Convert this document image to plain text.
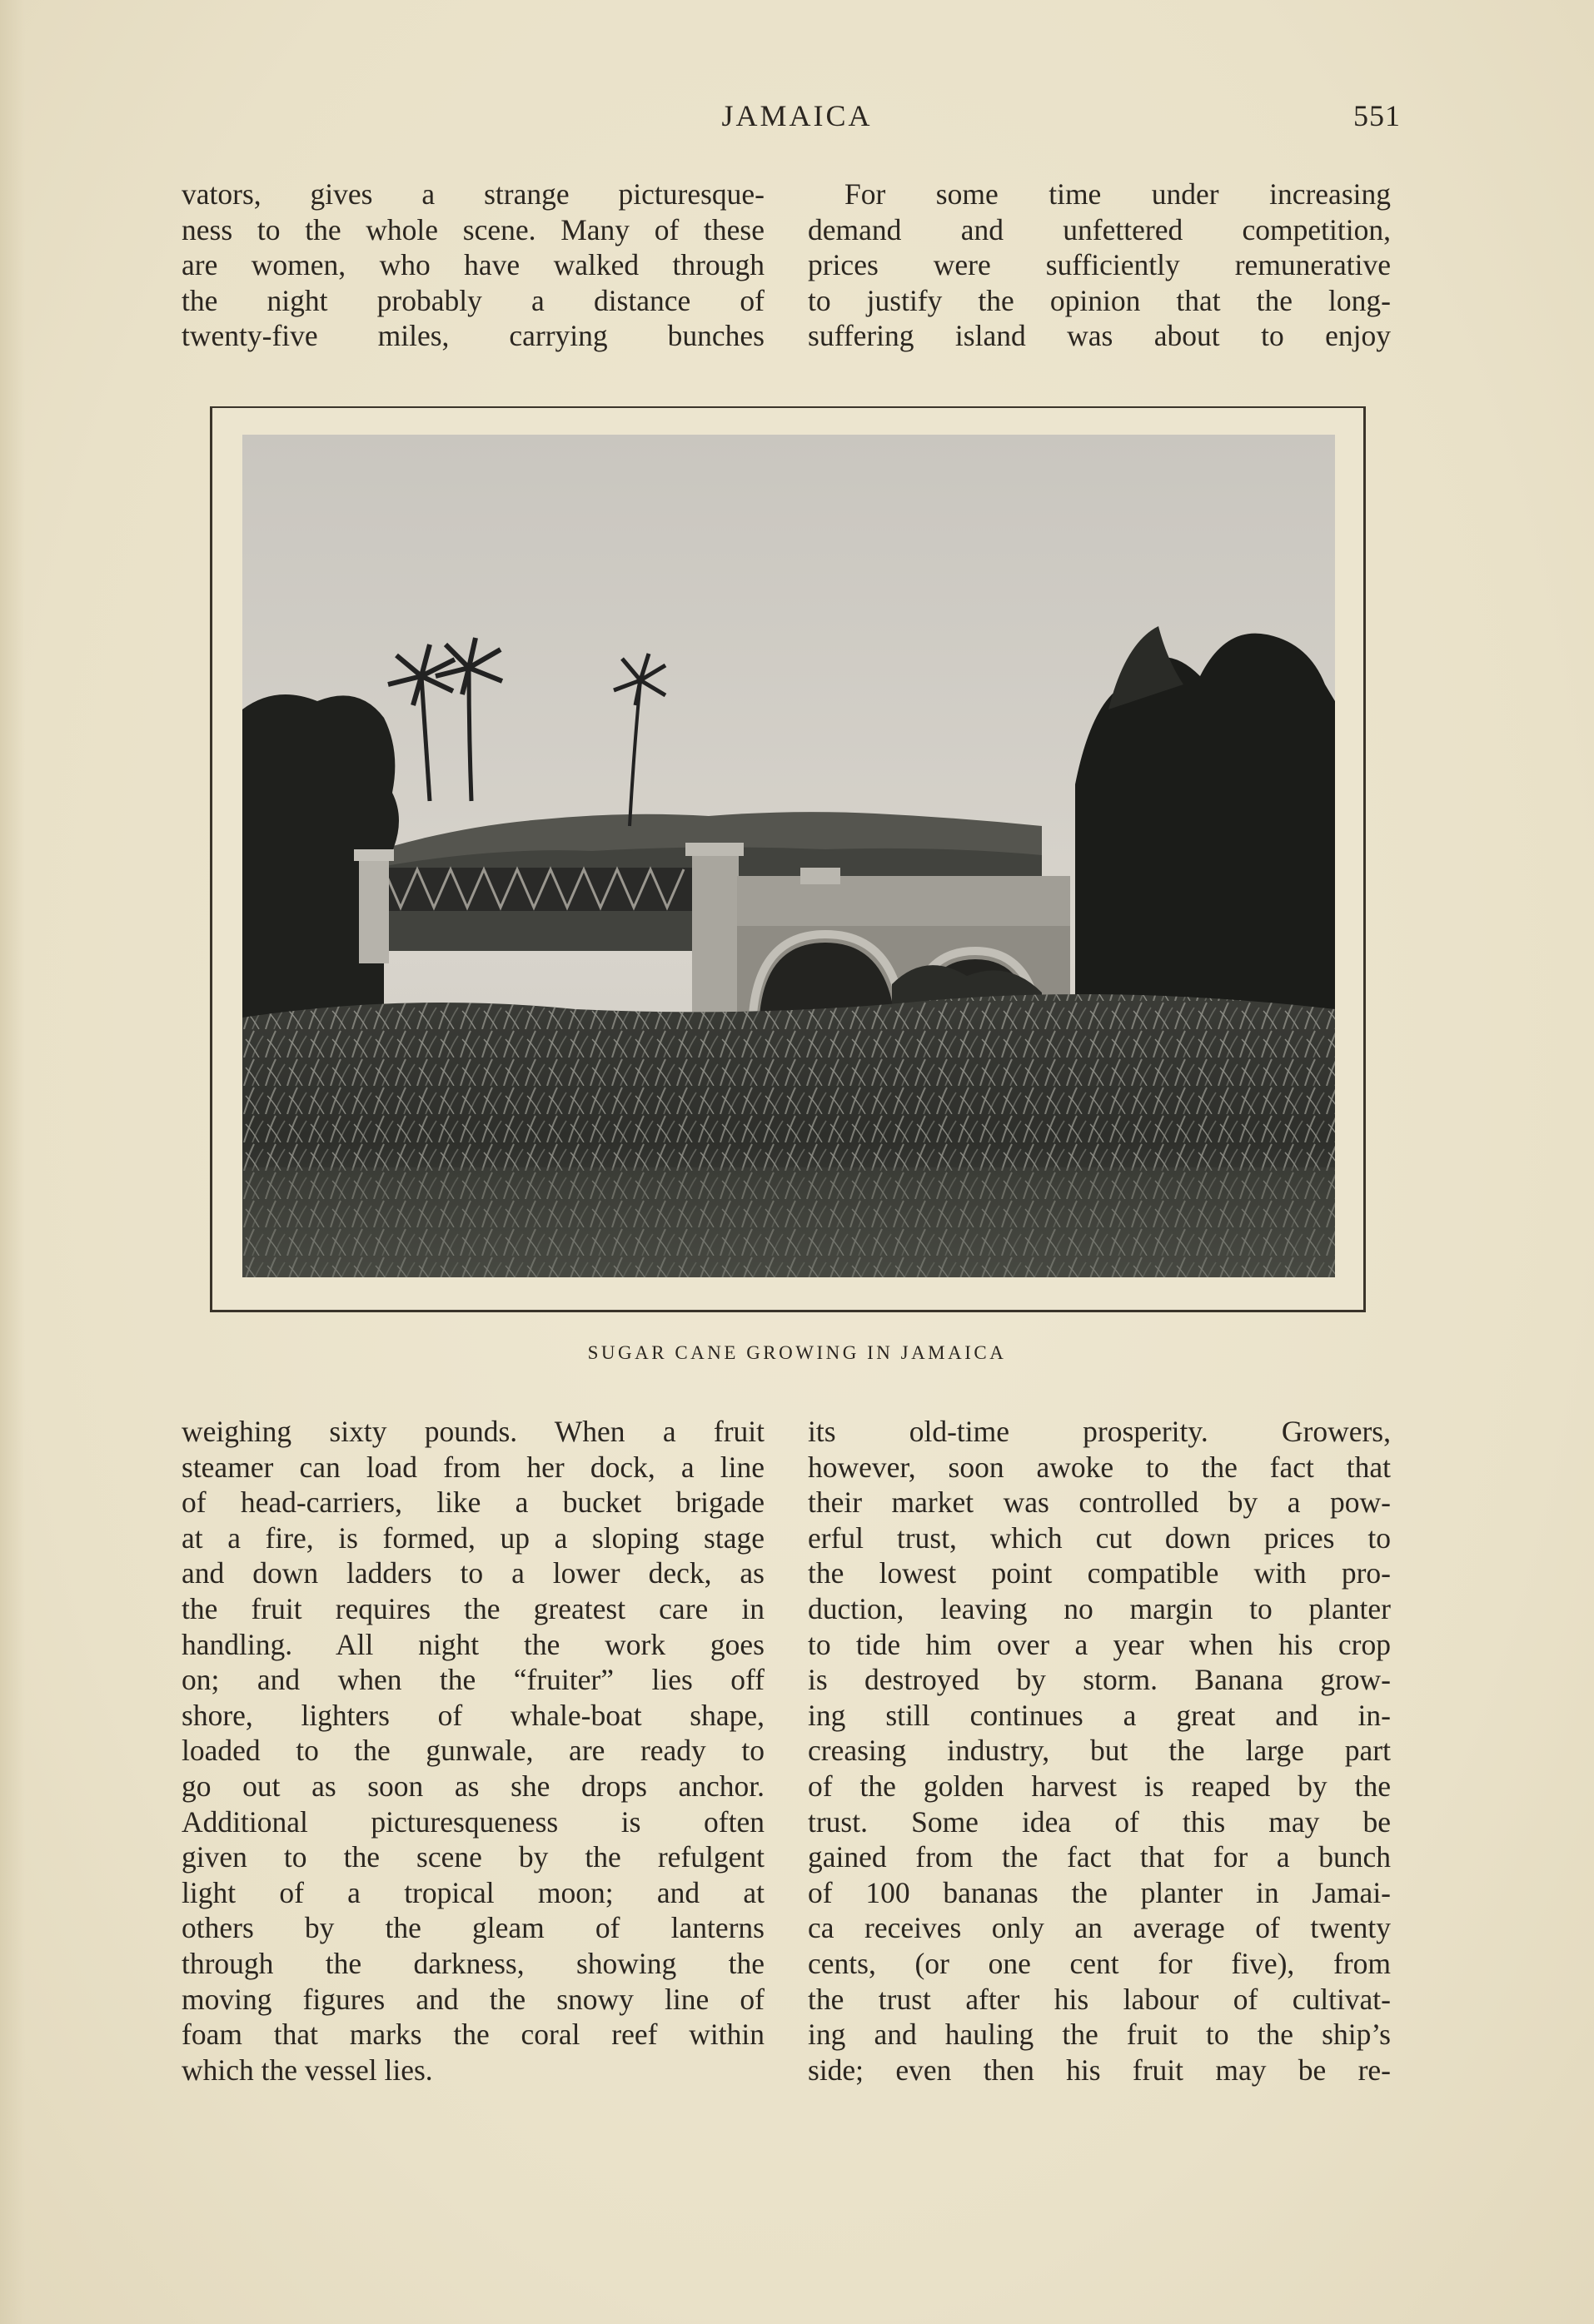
JAMAICA	551
vators, gives a strange picturesque-
ness to the whole scene. Many of these
are women, who have walked through
the night probably a distance of
twenty-five miles, carrying bunches
For some time under increasing
demand and unfettered competition,
prices were sufficiently remunerative
to justify the opinion that the long-
suffering island was about to enjoy
SUGAR CANE GROWING IN JAMAICA
weighing sixty pounds. When a fruit
steamer can load from her dock, a line
of head-carriers, like a bucket brigade
at a fire, is formed, up a sloping stage
and down ladders to a lower deck, as
the fruit requires the greatest care in
handling. All night the work goes
on; and when the “fruiter” lies off
shore, lighters of whale-boat shape,
loaded to the gunwale, are ready to
go out as soon as she drops anchor.
Additional picturesqueness is often
given to the scene by the refulgent
light of a tropical moon; and at
others by the gleam of lanterns
through the darkness, showing the
moving figures and the snowy line of
foam that marks the coral reef within
which the vessel lies.
its old-time prosperity. Growers,
however, soon awoke to the fact that
their market was controlled by a pow-
erful trust, which cut down prices to
the lowest point compatible with pro-
duction, leaving no margin to planter
to tide him over a year when his crop
is destroyed by storm. Banana grow-
ing still continues a great and in-
creasing industry, but the large part
of the golden harvest is reaped by the
trust. Some idea of this may be
gained from the fact that for a bunch
of 100 bananas the planter in Jamai-
ca receives only an average of twenty
cents, (or one cent for five), from
the trust after his labour of cultivat-
ing and hauling the fruit to the ship’s
side; even then his fruit may be re-
